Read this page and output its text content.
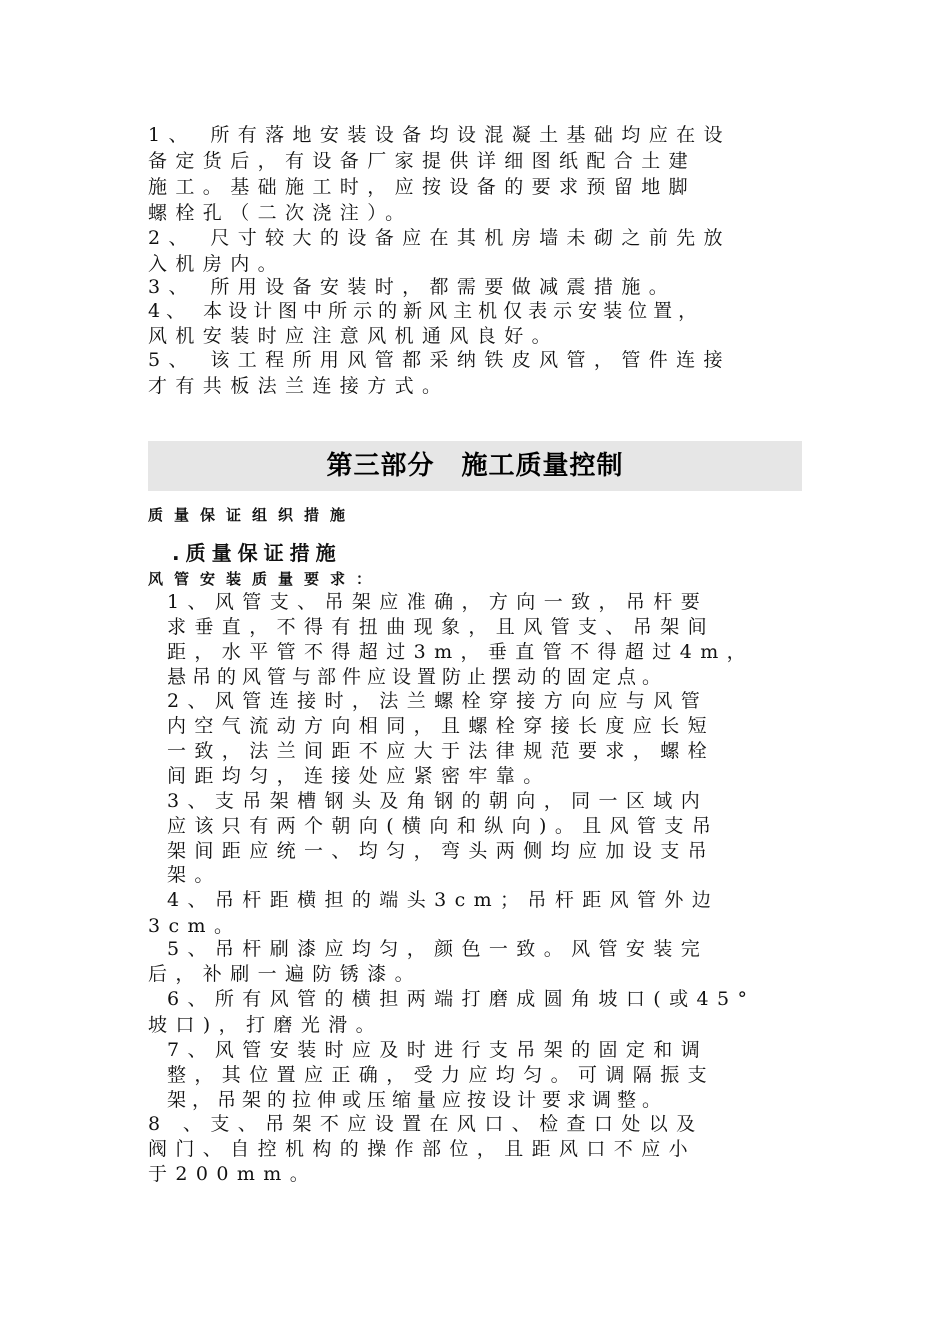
1、 所有落地安装设备均设混凝土基础均应在设
备定货后，有设备厂家提供详细图纸配合土建
施工。基础施工时，应按设备的要求预留地脚
螺栓孔（二次浇注）。
2、 尺寸较大的设备应在其机房墙未砌之前先放
入机房内。
3、 所用设备安装时，都需要做减震措施。
4、 本设计图中所示的新风主机仅表示安装位置，
风机安装时应注意风机通风良好。
5、 该工程所用风管都采纳铁皮风管，管件连接
才有共板法兰连接方式。
第三部分　施工质量控制
质量保证组织措施
.质量保证措施
风管安装质量要求：
1、风管支、吊架应准确，方向一致，吊杆要
求垂直，不得有扭曲现象，且风管支、吊架间
距，水平管不得超过3m，垂直管不得超过4m，
悬吊的风管与部件应设置防止摆动的固定点。
2、风管连接时，法兰螺栓穿接方向应与风管
内空气流动方向相同，且螺栓穿接长度应长短
一致，法兰间距不应大于法律规范要求，螺栓
间距均匀，连接处应紧密牢靠。
3、支吊架槽钢头及角钢的朝向，同一区域内
应该只有两个朝向(横向和纵向)。且风管支吊
架间距应统一、均匀，弯头两侧均应加设支吊
架。
4、吊杆距横担的端头3cm；吊杆距风管外边
3cm。
5、吊杆刷漆应均匀，颜色一致。风管安装完
后，补刷一遍防锈漆。
6、所有风管的横担两端打磨成圆角坡口(或45°
坡口)，打磨光滑。
7、风管安装时应及时进行支吊架的固定和调
整，其位置应正确，受力应均匀。可调隔振支
架，吊架的拉伸或压缩量应按设计要求调整。
8 、支、吊架不应设置在风口、检查口处以及
阀门、自控机构的操作部位，且距风口不应小
于200mm。
